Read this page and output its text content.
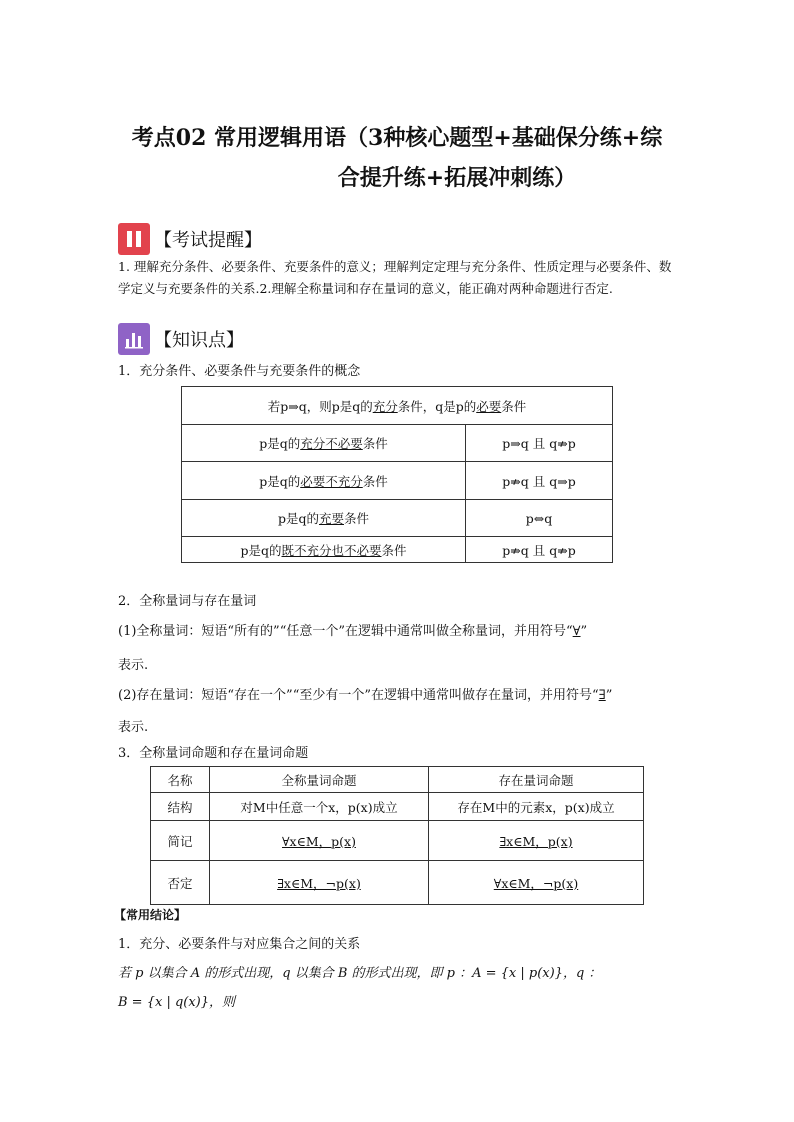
考点02 常用逻辑用语（3种核心题型+基础保分练+综
合提升练+拓展冲刺练）
【考试提醒】
1. 理解充分条件、必要条件、充要条件的意义；理解判定定理与充分条件、性质定理与必要条件、数学定义与充要条件的关系.2.理解全称量词和存在量词的意义，能正确对两种命题进行否定.
【知识点】
1．充分条件、必要条件与充要条件的概念
若p⇒q，则p是q的充分条件，q是p的必要条件	
p是q的充分不必要条件	p⇒q 且 q⇏p
p是q的必要不充分条件	p⇏q 且 q⇒p
p是q的充要条件	p⇔q
p是q的既不充分也不必要条件	p⇏q 且 q⇏p
2．全称量词与存在量词
(1)全称量词：短语“所有的”“任意一个”在逻辑中通常叫做全称量词，并用符号“∀”
表示.
(2)存在量词：短语“存在一个”“至少有一个”在逻辑中通常叫做存在量词，并用符号“∃”
表示.
3．全称量词命题和存在量词命题
名称	全称量词命题	存在量词命题
结构	对M中任意一个x，p(x)成立	存在M中的元素x，p(x)成立
简记	∀x∈M，p(x)	∃x∈M，p(x)
否定	∃x∈M，¬p(x)	∀x∈M，¬p(x)
【常用结论】
1．充分、必要条件与对应集合之间的关系
若 p 以集合 A 的形式出现，q 以集合 B 的形式出现，即 p ：A = {x | p(x)}，q ：
B = {x | q(x)}，则
